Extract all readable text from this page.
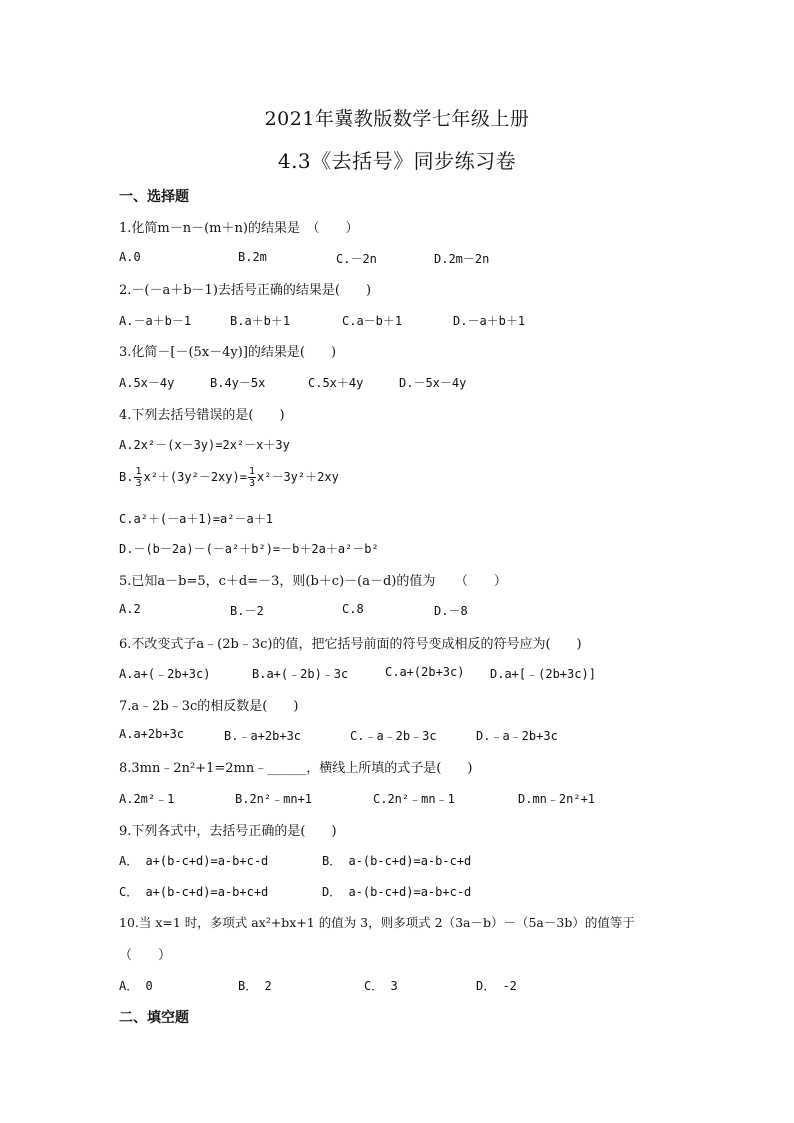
2021年冀教版数学七年级上册
4.3《去括号》同步练习卷
一、选择题
1.化简m－n－(m＋n)的结果是　（　　）
A.0	B.2m	C.－2n	D.2m－2n
2.－(－a＋b－1)去括号正确的结果是(　　)
A.－a＋b－1	B.a＋b＋1	C.a－b＋1	D.－a＋b＋1
3.化简－[－(5x－4y)]的结果是(　　)
A.5x－4y	B.4y－5x	C.5x＋4y	D.－5x－4y
4.下列去括号错误的是(　　)
A.2x²－(x－3y)=2x²－x＋3y
B. $\frac{1}{3} x^2+(3y^2-2xy)= \frac{1}{3} x^2-3y^2+2xy$
C.a²＋(－a＋1)=a²－a＋1
D.－(b－2a)－(－a²＋b²)=－b＋2a＋a²－b²
5.已知a－b=5，c＋d=－3，则(b＋c)－(a－d)的值为　　（　　）
A.2	B.－2	C.8	D.－8
6.不改变式子a﹣(2b﹣3c)的值，把它括号前面的符号变成相反的符号应为(　　)
A.a+(﹣2b+3c)	B.a+(﹣2b)﹣3c	C.a+(2b+3c) D.a+[﹣(2b+3c)]
7.a﹣2b﹣3c的相反数是(　　)
A.a+2b+3c	B.﹣a+2b+3c	C.﹣a﹣2b﹣3c	D.﹣a﹣2b+3c
8.3mn﹣2n²+1=2mn﹣______，横线上所填的式子是(　　)
A.2m²﹣1	B.2n²﹣mn+1	C.2n²﹣mn﹣1	D.mn﹣2n²+1
9.下列各式中，去括号正确的是(　　)
A． a+(b-c+d)=a-b+c-d	B． a-(b-c+d)=a-b-c+d
C． a+(b-c+d)=a-b+c+d	D． a-(b-c+d)=a-b+c-d
10.当 x=1 时，多项式 ax²+bx+1 的值为 3，则多项式 2（3a－b）－（5a－3b）的值等于
（　　）
A． 0	B． 2	C． 3	D． -2
二、填空题
